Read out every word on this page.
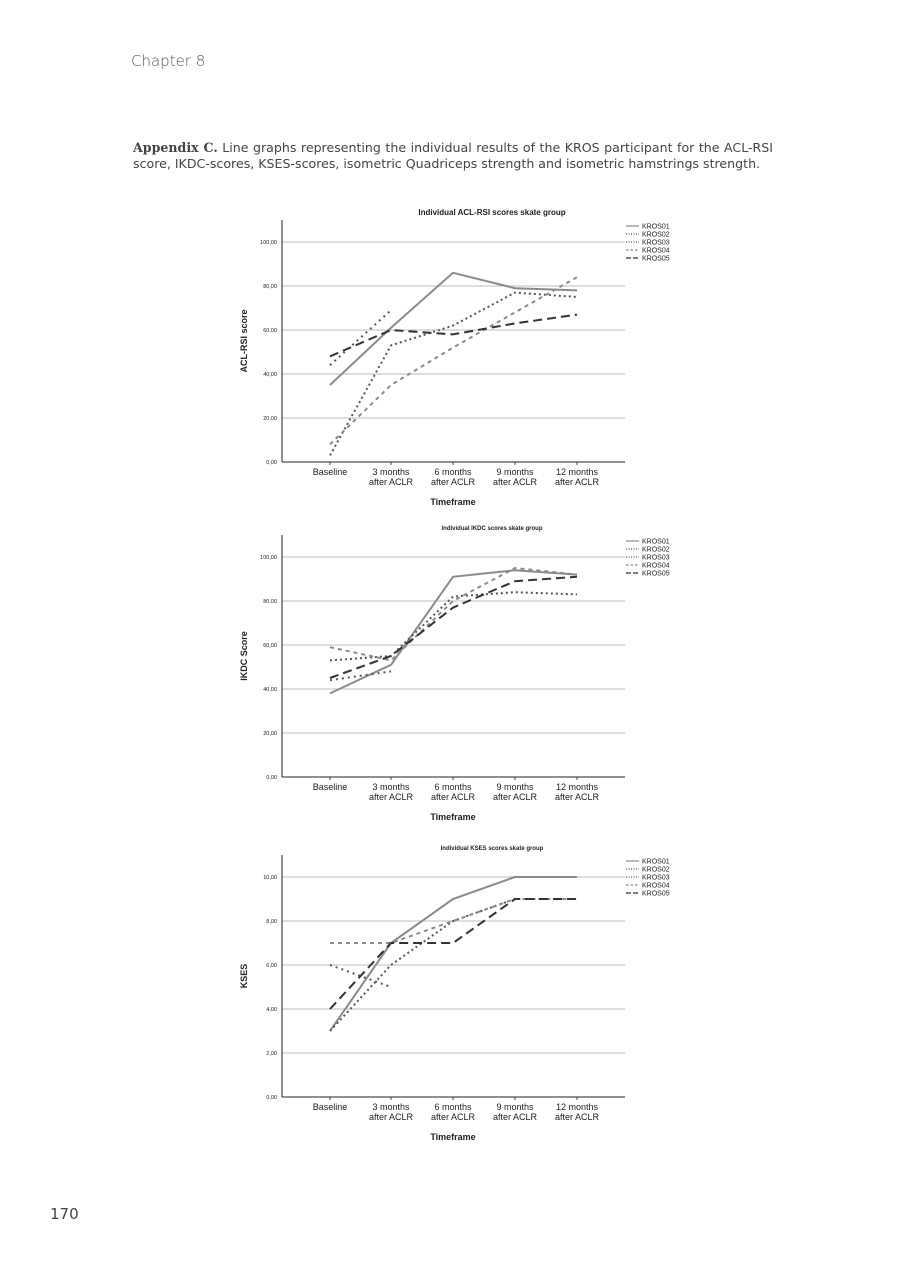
Chapter 8
Appendix C. Line graphs representing the individual results of the KROS participant for the ACL-RSI score, IKDC-scores, KSES-scores, isometric Quadriceps strength and isometric hamstrings strength.
Individual ACL-RSI scores skate group
0,00
20,00
40,00
60,00
80,00
100,00
Baseline	3 months after ACLR
6 months after ACLR
9 months after ACLR
12 months after ACLR
Timeframe
ACL-RSI score
KROS01
KROS02
KROS03
KROS04
KROS05
Individual IKDC scores skate group
0,00
20,00
40,00
60,00
80,00
100,00
Baseline	3 months after ACLR
6 months after ACLR
9 months after ACLR
12 months after ACLR
Timeframe
IKDC Score
KROS01
KROS02
KROS03
KROS04
KROS05
Individual KSES scores skate group
0,00
2,00
4,00
6,00
8,00
10,00
Baseline	3 months after ACLR
6 months after ACLR
9 months after ACLR
12 months after ACLR
Timeframe
KSES
KROS01
KROS02
KROS03
KROS04
KROS05
170
